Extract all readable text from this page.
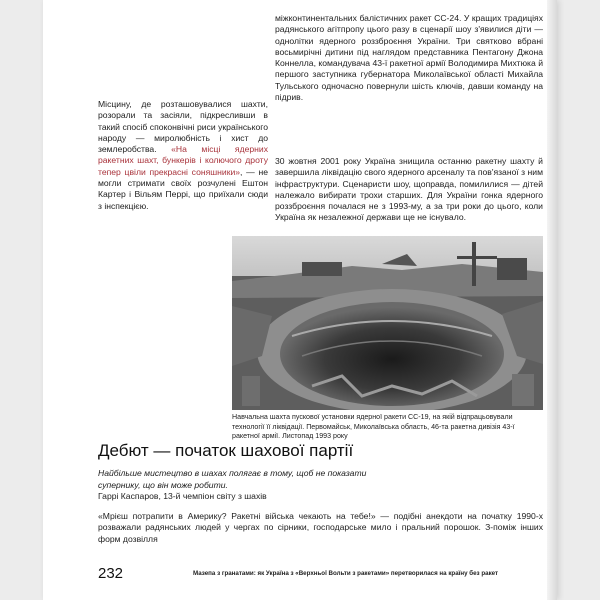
міжконтинентальних балістичних ракет СС-24. У кращих традиціях радянського агітпропу цього разу в сценарії шоу з'явилися діти — однолітки ядерного роззброєння України. Три святково вбрані восьмирічні дитини під наглядом представника Пентагону Джона Коннелла, командувача 43-ї ракетної армії Володимира Михтюка й першого заступника губернатора Миколаївської області Михайла Тульського одночасно повернули шість ключів, давши команду на підрив.

Місцину, де розташовувалися шахти, розорали та засіяли, підкресливши в такий спосіб споконвічні риси українського народу — миролюбність і хист до землеробства. «На місці ядерних ракетних шахт, бункерів і колючого дроту тепер цвіли прекрасні соняшники», — не могли стримати своїх розчулені Ештон Картер і Вільям Перрі, що приїхали сюди з інспекцією.

30 жовтня 2001 року Україна знищила останню ракетну шахту й завершила ліквідацію свого ядерного арсеналу та пов'язаної з ним інфраструктури. Сценаристи шоу, щоправда, помилилися — дітей належало вибирати трохи старших. Для України гонка ядерного роззброєння почалася не з 1993-му, а за три роки до цього, коли Україна як незалежної держави ще не існувало.

Навчальна шахта пускової установки ядерної ракети СС-19, на якій відпрацьовували технології її ліквідації. Первомайськ, Миколаївська область, 46-та ракетна дивізія 43-ї ракетної армії. Листопад 1993 року

Дебют — початок шахової партії

Найбільше мистецтво в шахах полягає в тому, щоб не показати супернику, що він може робити.
Гаррі Каспаров, 13-й чемпіон світу з шахів

«Мрієш потрапити в Америку? Ракетні війська чекають на тебе!» — подібні анекдоти на початку 1990-х розважали радянських людей у чергах по сірники, господарське мило і пральний порошок. З-поміж інших форм дозвілля

232	Мазепа з гранатами: як Україна з «Верхньої Вольти з ракетами» перетворилася на країну без ракет
